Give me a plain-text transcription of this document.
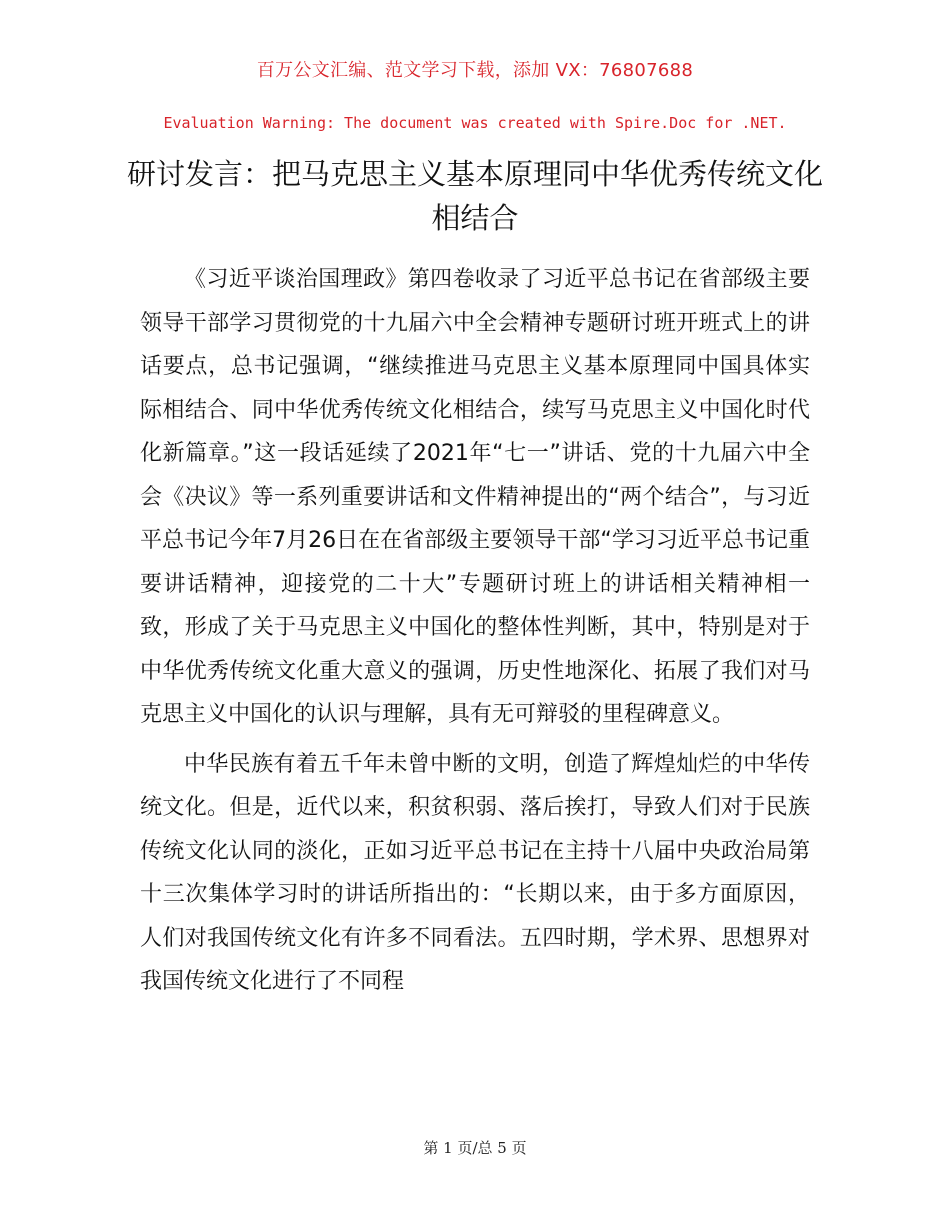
百万公文汇编、范文学习下载，添加 VX：76807688
Evaluation Warning: The document was created with Spire.Doc for .NET.
研讨发言：把马克思主义基本原理同中华优秀传统文化相结合

《习近平谈治国理政》第四卷收录了习近平总书记在省部级主要领导干部学习贯彻党的十九届六中全会精神专题研讨班开班式上的讲话要点，总书记强调，“继续推进马克思主义基本原理同中国具体实际相结合、同中华优秀传统文化相结合，续写马克思主义中国化时代化新篇章。”这一段话延续了2021年“七一”讲话、党的十九届六中全会《决议》等一系列重要讲话和文件精神提出的“两个结合”，与习近平总书记今年7月26日在在省部级主要领导干部“学习习近平总书记重要讲话精神，迎接党的二十大”专题研讨班上的讲话相关精神相一致，形成了关于马克思主义中国化的整体性判断，其中，特别是对于中华优秀传统文化重大意义的强调，历史性地深化、拓展了我们对马克思主义中国化的认识与理解，具有无可辩驳的里程碑意义。

中华民族有着五千年未曾中断的文明，创造了辉煌灿烂的中华传统文化。但是，近代以来，积贫积弱、落后挨打，导致人们对于民族传统文化认同的淡化，正如习近平总书记在主持十八届中央政治局第十三次集体学习时的讲话所指出的：“长期以来，由于多方面原因，人们对我国传统文化有许多不同看法。五四时期，学术界、思想界对我国传统文化进行了不同程

第 1 页/总 5 页
